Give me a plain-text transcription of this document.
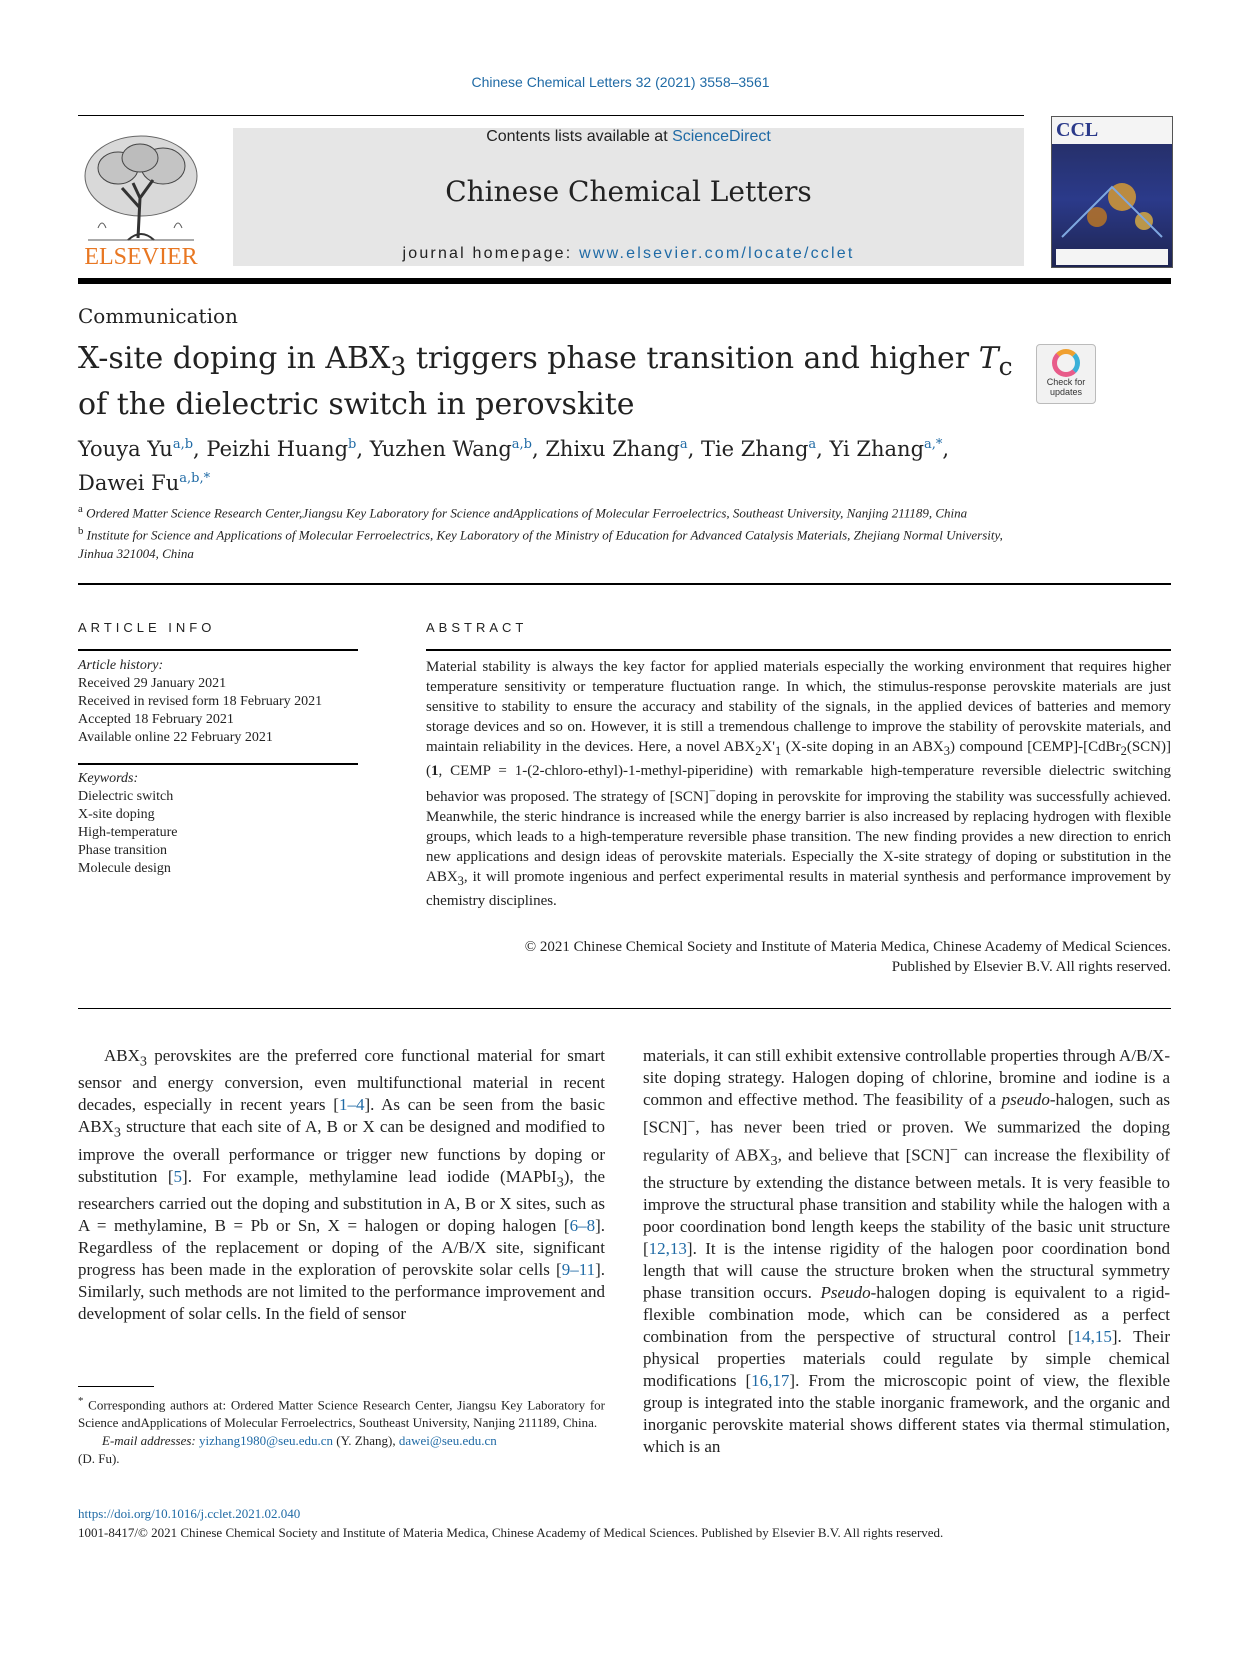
Chinese Chemical Letters 32 (2021) 3558–3561
ELSEVIER
Contents lists available at ScienceDirect
Chinese Chemical Letters
journal homepage: www.elsevier.com/locate/cclet
CCL
Communication
X-site doping in $ABX_3$ triggers phase transition and higher $T_c$ of the dielectric switch in perovskite
Check for updates
Youya Yu$^{a,b}$, Peizhi Huang$^b$, Yuzhen Wang$^{a,b}$, Zhixu Zhang$^a$, Tie Zhang$^a$, Yi Zhang$^{a,*}$,
Dawei $Fu^{a,b,*}$
$^a$ Ordered Matter Science Research Center,Jiangsu Key Laboratory for Science andApplications of Molecular Ferroelectrics, Southeast University, Nanjing 211189, China
$^b$ Institute for Science and Applications of Molecular Ferroelectrics, Key Laboratory of the Ministry of Education for Advanced Catalysis Materials, Zhejiang Normal University, Jinhua 321004, China
ARTICLE INFO	ABSTRACT
Article history:
Received 29 January 2021
Received in revised form 18 February 2021
Accepted 18 February 2021
Available online 22 February 2021
Keywords:
Dielectric switch
X-site doping
High-temperature
Phase transition
Molecule design
Material stability is always the key factor for applied materials especially the working environment that requires higher temperature sensitivity or temperature fluctuation range. In which, the stimulus-response perovskite materials are just sensitive to stability to ensure the accuracy and stability of the signals, in the applied devices of batteries and memory storage devices and so on. However, it is still a tremendous challenge to improve the stability of perovskite materials, and maintain reliability in the devices. Here, a novel $ABX_2X'_1$ (X-site doping in an $ABX_3$) compound [CEMP]-[CdBr$_2$(SCN)] (1, CEMP = 1-(2-chloro-ethyl)-1-methyl-piperidine) with remarkable high-temperature reversible dielectric switching behavior was proposed. The strategy of [SCN]−doping in perovskite for improving the stability was successfully achieved. Meanwhile, the steric hindrance is increased while the energy barrier is also increased by replacing hydrogen with flexible groups, which leads to a high-temperature reversible phase transition. The new finding provides a new direction to enrich new applications and design ideas of perovskite materials. Especially the X-site strategy of doping or substitution in the $ABX_3$, it will promote ingenious and perfect experimental results in material synthesis and performance improvement by chemistry disciplines.
© 2021 Chinese Chemical Society and Institute of Materia Medica, Chinese Academy of Medical Sciences.
Published by Elsevier B.V. All rights reserved.

$ABX_3$ perovskites are the preferred core functional material for smart sensor and energy conversion, even multifunctional material in recent decades, especially in recent years [1–4]. As can be seen from the basic $ABX_3$ structure that each site of A, B or X can be designed and modified to improve the overall performance or trigger new functions by doping or substitution [5]. For example, methylamine lead iodide (MAPbI$_3$), the researchers carried out the doping and substitution in A, B or X sites, such as A = methylamine, B = Pb or Sn, X = halogen or doping halogen [6–8]. Regardless of the replacement or doping of the A/B/X site, significant progress has been made in the exploration of perovskite solar cells [9–11]. Similarly, such methods are not limited to the performance improvement and development of solar cells. In the field of sensor

materials, it can still exhibit extensive controllable properties through A/B/X-site doping strategy. Halogen doping of chlorine, bromine and iodine is a common and effective method. The feasibility of a pseudo-halogen, such as [SCN]−, has never been tried or proven. We summarized the doping regularity of $ABX_3$, and believe that [SCN]− can increase the flexibility of the structure by extending the distance between metals. It is very feasible to improve the structural phase transition and stability while the halogen with a poor coordination bond length keeps the stability of the basic unit structure [12,13]. It is the intense rigidity of the halogen poor coordination bond length that will cause the structure broken when the structural symmetry phase transition occurs. Pseudo-halogen doping is equivalent to a rigid-flexible combination mode, which can be considered as a perfect combination from the perspective of structural control [14,15]. Their physical properties materials could regulate by simple chemical modifications [16,17]. From the microscopic point of view, the flexible group is integrated into the stable inorganic framework, and the organic and inorganic perovskite material shows different states via thermal stimulation, which is an

* Corresponding authors at: Ordered Matter Science Research Center, Jiangsu Key Laboratory for Science andApplications of Molecular Ferroelectrics, Southeast University, Nanjing 211189, China.
E-mail addresses: yizhang1980@seu.edu.cn (Y. Zhang), dawei@seu.edu.cn
(D. Fu).
https://doi.org/10.1016/j.cclet.2021.02.040
1001-8417/© 2021 Chinese Chemical Society and Institute of Materia Medica, Chinese Academy of Medical Sciences. Published by Elsevier B.V. All rights reserved.
